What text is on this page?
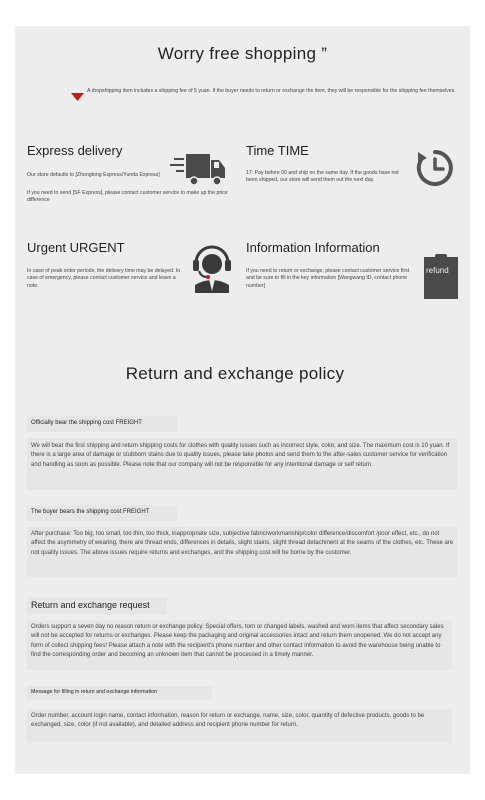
Worry free shopping ”
A dropshipping item includes a shipping fee of 5 yuan. If the buyer needs to return or exchange the item, they will be responsible for the shipping fee themselves.
Express delivery
Our store defaults to [Zhongtong Express/Yunda Express]
If you need to send [SF Express], please contact customer service to make up the price difference
Time TIME
17: Pay before 00 and ship on the same day. If the goods have not been shipped, our store will send them out the next day.
Urgent URGENT
In case of peak order periods, the delivery time may be delayed. In case of emergency, please contact customer service and leave a note.
Information Information
If you need to return or exchange, please contact customer service first and be sure to fill in the key information [Wangwang ID, contact phone number]
refund
Return and exchange policy
Officially bear the shipping cost FREIGHT
We will bear the first shipping and return shipping costs for clothes with quality issues such as incorrect style, color, and size. The maximum cost is 10 yuan. If there is a large area of damage or stubborn stains due to quality issues, please take photos and send them to the after-sales customer service for verification and handling as soon as possible. Please note that our company will not be responsible for any intentional damage or self return.
The buyer bears the shipping cost FREIGHT
After purchase: Too big, too small, too thin, too thick, inappropriate size, subjective fabric/workmanship/color difference/discomfort /poor effect, etc., do not affect the asymmetry of wearing, there are thread ends, differences in details, slight stains, slight thread detachment at the seams of the clothes, etc. These are not quality issues. The above issues require returns and exchanges, and the shipping cost will be borne by the customer.
Return and exchange request
Orders support a seven day no reason return or exchange policy. Special offers, torn or changed labels, washed and worn items that affect secondary sales will not be accepted for returns or exchanges. Please keep the packaging and original accessories intact and return them unopened. We do not accept any form of collect shipping fees! Please attach a note with the recipient's phone number and other contact information to avoid the warehouse being unable to find the corresponding order and becoming an unknown item that cannot be processed in a timely manner.
Message for filling in return and exchange information
Order number, account login name, contact information, reason for return or exchange, name, size, color, quantity of defective products, goods to be exchanged, size, color (if not available), and detailed address and recipient phone number for return.
